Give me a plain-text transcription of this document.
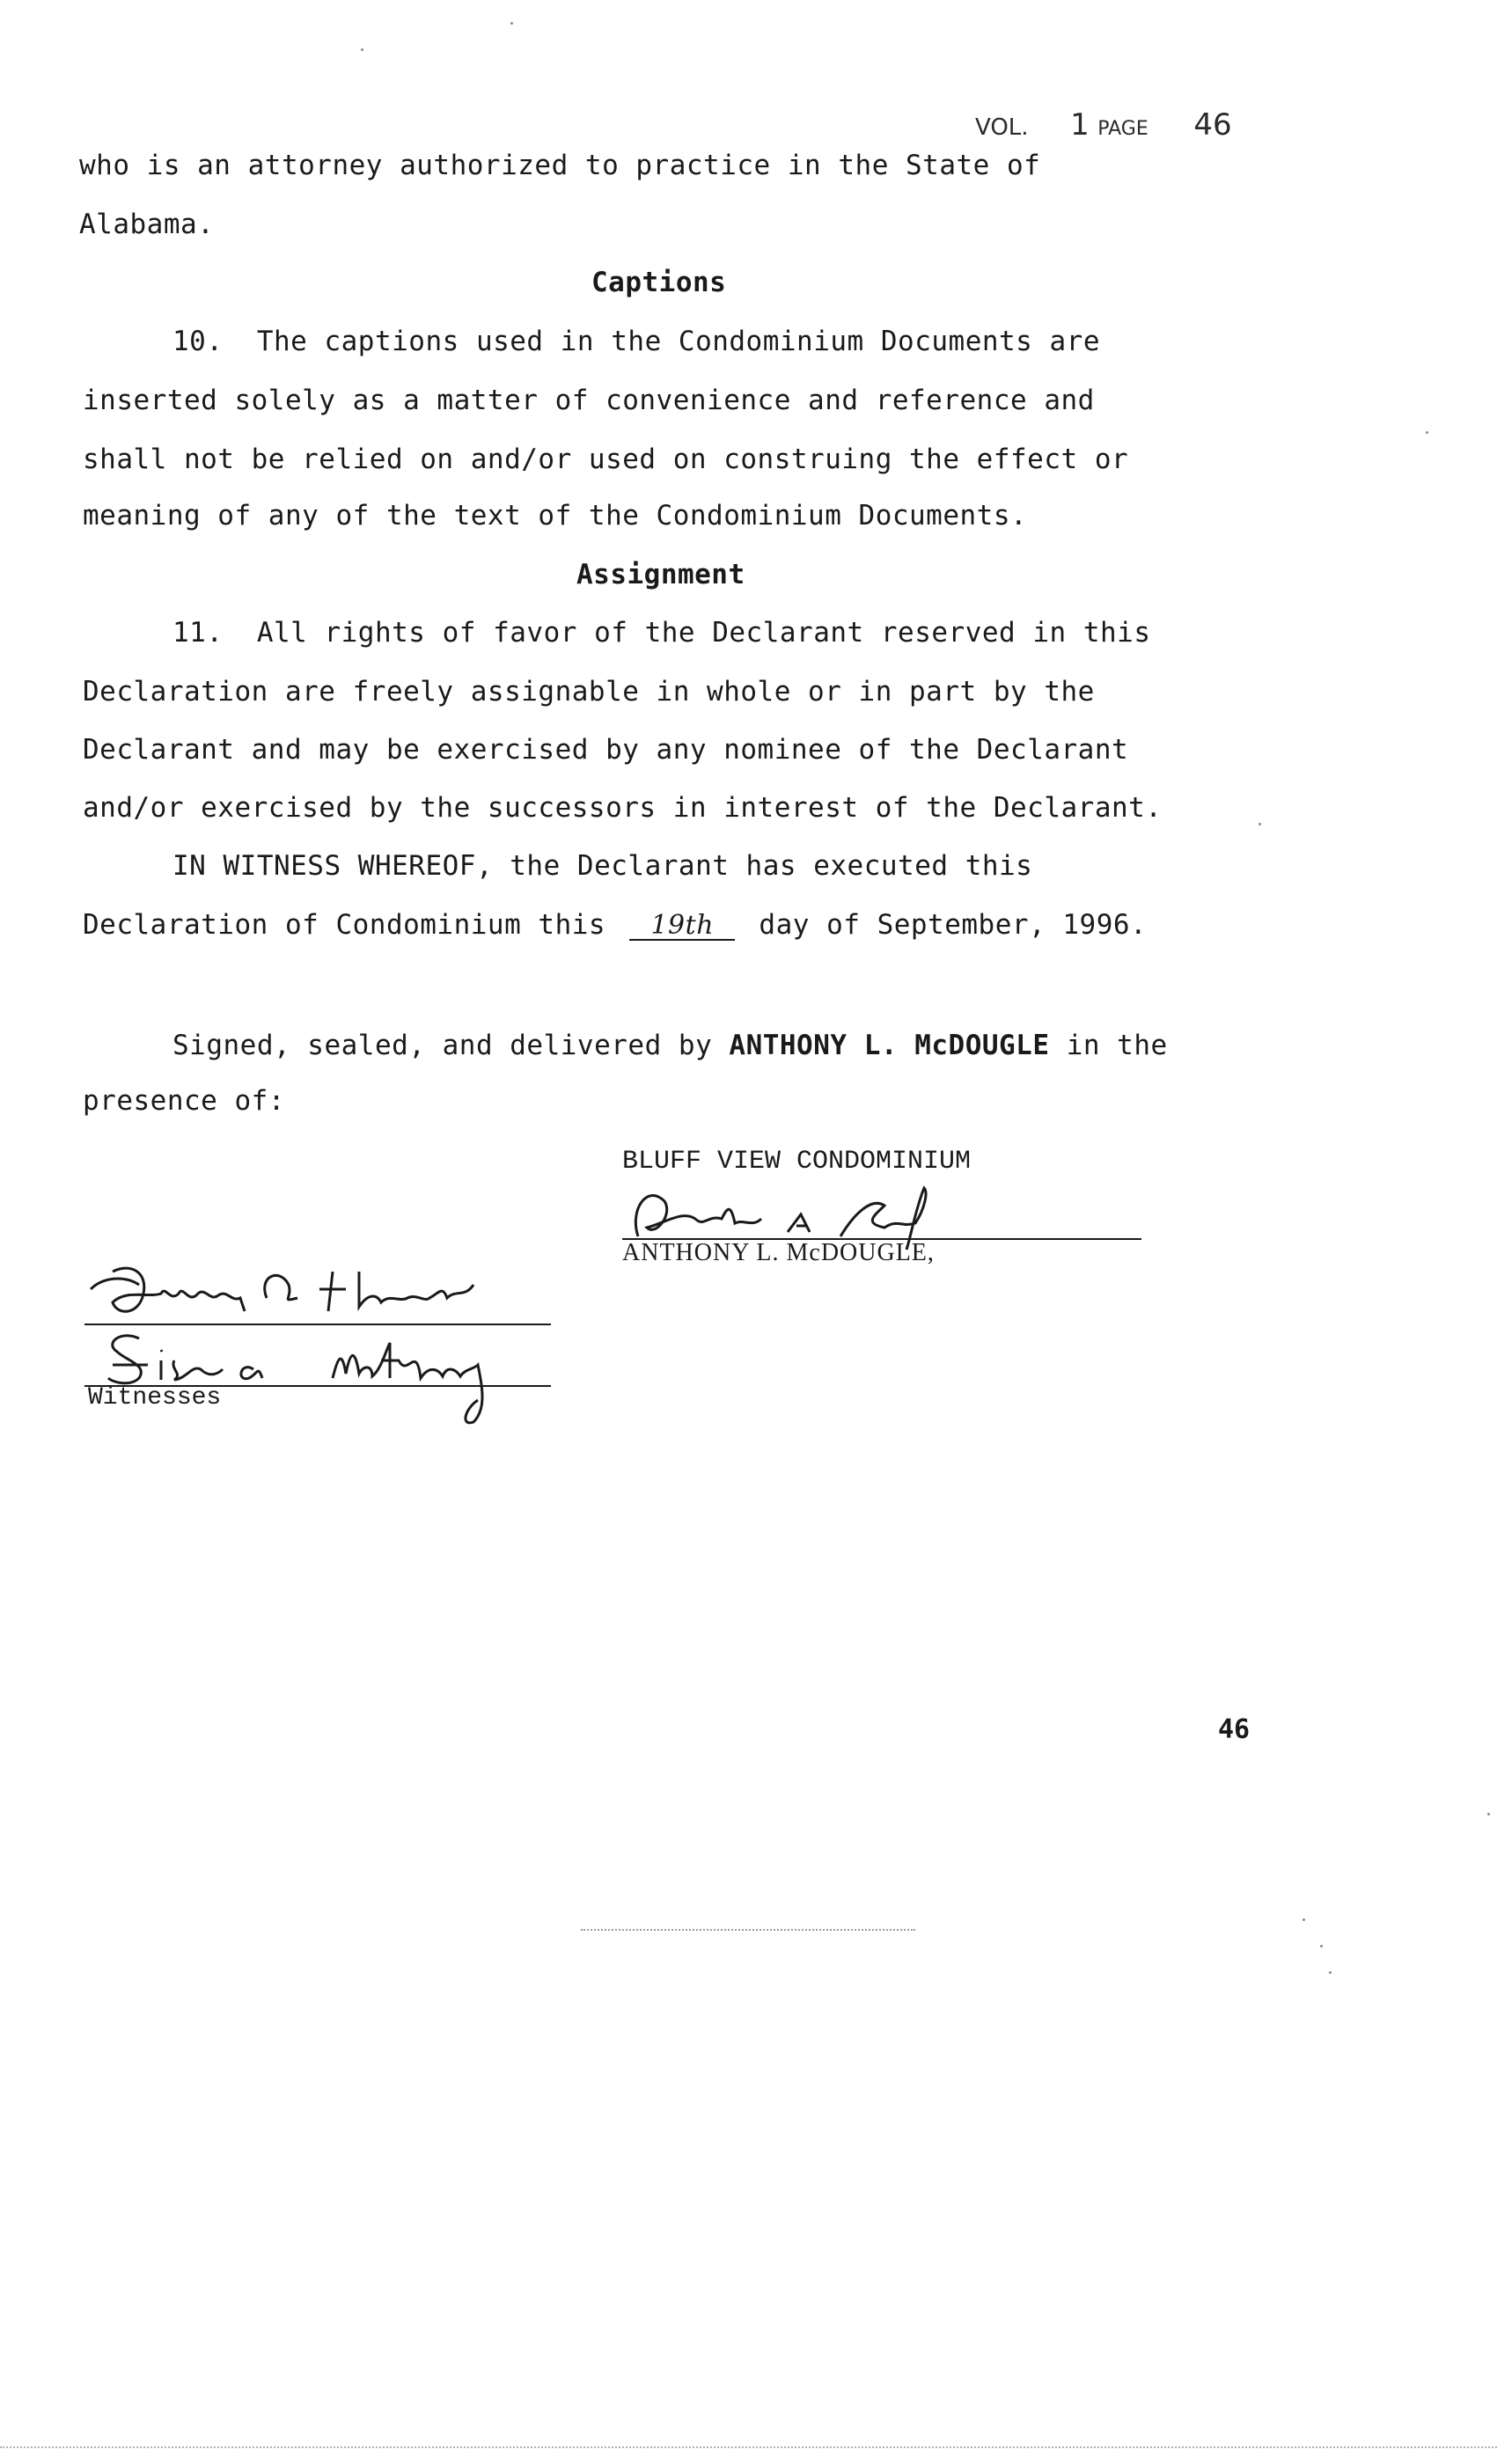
VOL. 1 PAGE 46
who is an attorney authorized to practice in the State of
Alabama.
Captions
10.  The captions used in the Condominium Documents are
inserted solely as a matter of convenience and reference and
shall not be relied on and/or used on construing the effect or
meaning of any of the text of the Condominium Documents.
Assignment
11.  All rights of favor of the Declarant reserved in this
Declaration are freely assignable in whole or in part by the
Declarant and may be exercised by any nominee of the Declarant
and/or exercised by the successors in interest of the Declarant.
IN WITNESS WHEREOF, the Declarant has executed this
Declaration of Condominium this 19th day of September, 1996.
Signed, sealed, and delivered by ANTHONY L. McDOUGLE in the
presence of:
BLUFF VIEW CONDOMINIUM
ANTHONY L. McDOUGLE,
Witnesses
46
